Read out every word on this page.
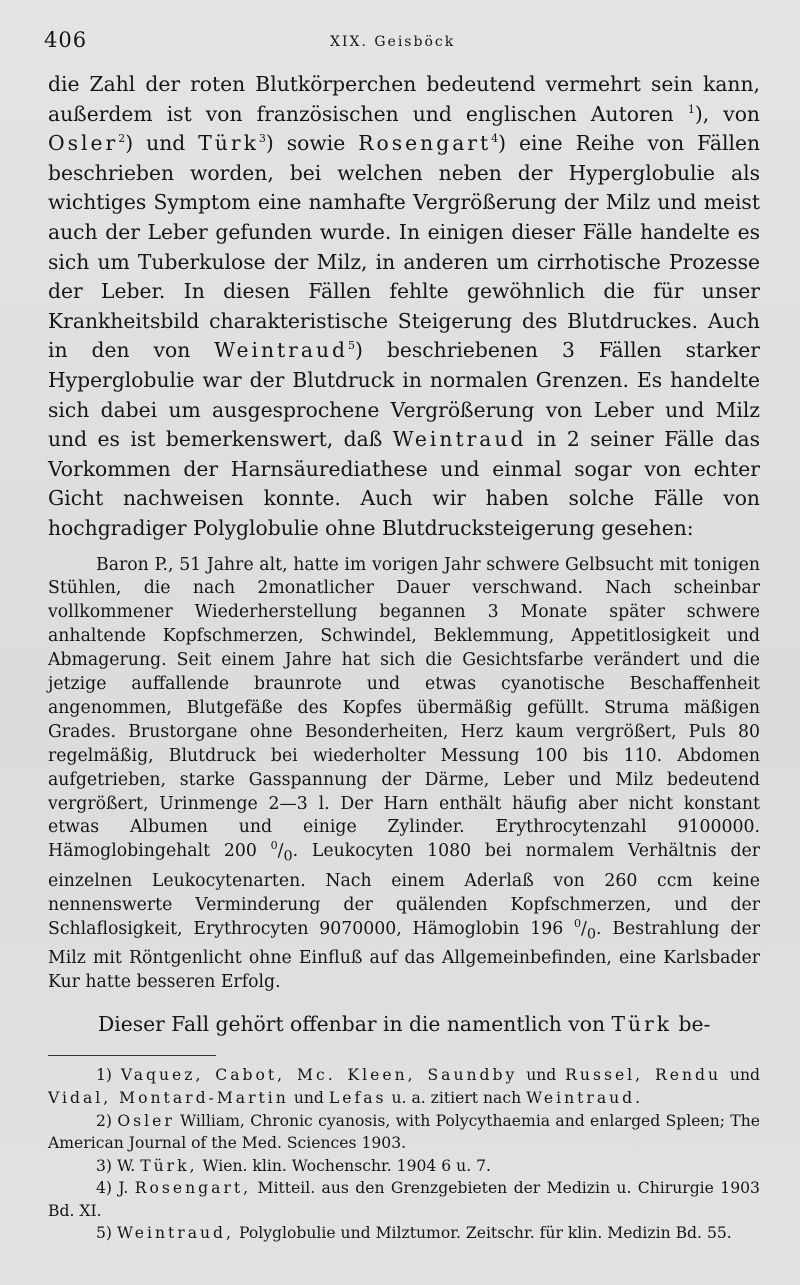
406	XIX. Geisböck

die Zahl der roten Blutkörperchen bedeutend vermehrt sein kann, außerdem ist von französischen und englischen Autoren $^1$), von Osler$^2$) und Türk$^3$) sowie Rosengart$^4$) eine Reihe von Fällen beschrieben worden, bei welchen neben der Hyperglobulie als wichtiges Symptom eine namhafte Vergrößerung der Milz und meist auch der Leber gefunden wurde. In einigen dieser Fälle handelte es sich um Tuberkulose der Milz, in anderen um cirrhotische Prozesse der Leber. In diesen Fällen fehlte gewöhnlich die für unser Krankheitsbild charakteristische Steigerung des Blutdruckes. Auch in den von Weintraud$^5$) beschriebenen 3 Fällen starker Hyperglobulie war der Blutdruck in normalen Grenzen. Es handelte sich dabei um ausgesprochene Vergrößerung von Leber und Milz und es ist bemerkenswert, daß Weintraud in 2 seiner Fälle das Vorkommen der Harnsäurediathese und einmal sogar von echter Gicht nachweisen konnte. Auch wir haben solche Fälle von hochgradiger Polyglobulie ohne Blutdrucksteigerung gesehen:

Baron P., 51 Jahre alt, hatte im vorigen Jahr schwere Gelbsucht mit tonigen Stühlen, die nach 2monatlicher Dauer verschwand. Nach scheinbar vollkommener Wiederherstellung begannen 3 Monate später schwere anhaltende Kopfschmerzen, Schwindel, Beklemmung, Appetitlosigkeit und Abmagerung. Seit einem Jahre hat sich die Gesichtsfarbe verändert und die jetzige auffallende braunrote und etwas cyanotische Beschaffenheit angenommen, Blutgefäße des Kopfes übermäßig gefüllt. Struma mäßigen Grades. Brustorgane ohne Besonderheiten, Herz kaum vergrößert, Puls 80 regelmäßig, Blutdruck bei wiederholter Messung 100 bis 110. Abdomen aufgetrieben, starke Gasspannung der Därme, Leber und Milz bedeutend vergrößert, Urinmenge 2—3 l. Der Harn enthält häufig aber nicht konstant etwas Albumen und einige Zylinder. Erythrocytenzahl 9100000. Hämoglobingehalt 200 $^0/_0$. Leukocyten 1080 bei normalem Verhältnis der einzelnen Leukocytenarten. Nach einem Aderlaß von 260 ccm keine nennenswerte Verminderung der quälenden Kopfschmerzen, und der Schlaflosigkeit, Erythrocyten 9070000, Hämoglobin 196 $^0/_0$. Bestrahlung der Milz mit Röntgenlicht ohne Einfluß auf das Allgemeinbefinden, eine Karlsbader Kur hatte besseren Erfolg.

Dieser Fall gehört offenbar in die namentlich von Türk be-

1) Vaquez, Cabot, Mc. Kleen, Saundby und Russel, Rendu und Vidal, Montard-Martin und Lefas u. a. zitiert nach Weintraud.

2) Osler William, Chronic cyanosis, with Polycythaemia and enlarged Spleen; The American Journal of the Med. Sciences 1903.

3) W. Türk, Wien. klin. Wochenschr. 1904 6 u. 7.

4) J. Rosengart, Mitteil. aus den Grenzgebieten der Medizin u. Chirurgie 1903 Bd. XI.

5) Weintraud, Polyglobulie und Milztumor. Zeitschr. für klin. Medizin Bd. 55.
